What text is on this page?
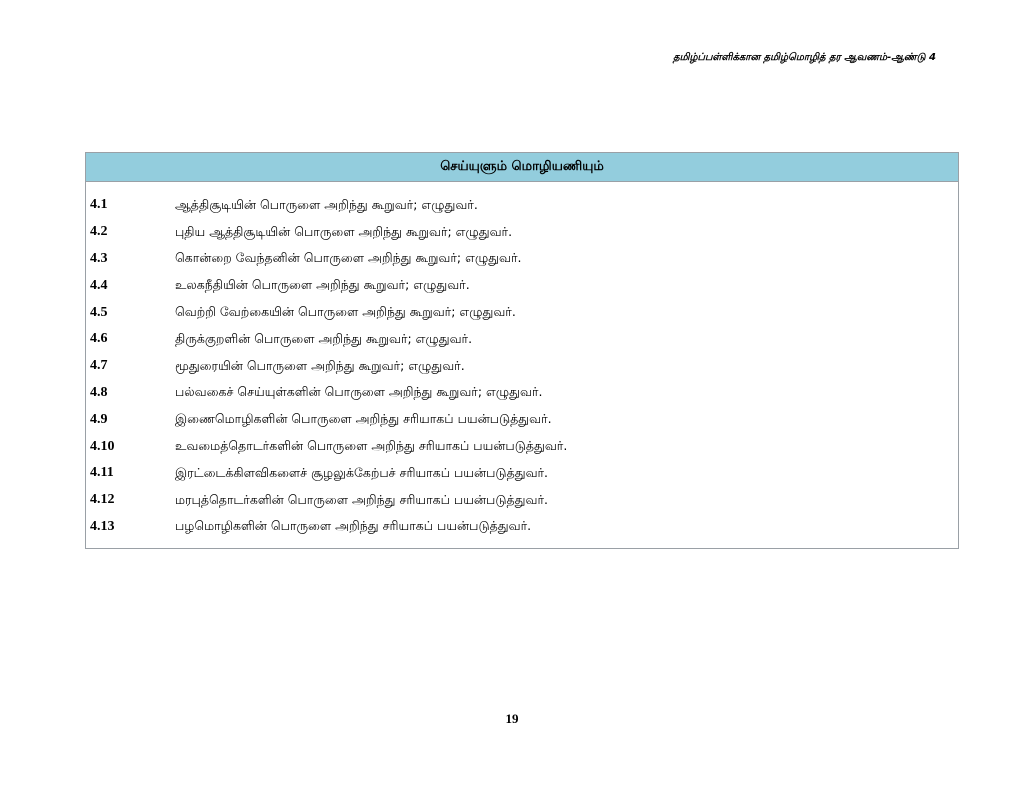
தமிழ்ப்பள்ளிக்கான தமிழ்மொழித் தர ஆவணம்-ஆண்டு 4
செய்யுளும் மொழியணியும்
4.1	ஆத்திசூடியின் பொருளை அறிந்து கூறுவர்; எழுதுவர்.
4.2	புதிய ஆத்திசூடியின் பொருளை அறிந்து கூறுவர்; எழுதுவர்.
4.3	கொன்றை வேந்தனின் பொருளை அறிந்து கூறுவர்; எழுதுவர்.
4.4	உலகநீதியின் பொருளை அறிந்து கூறுவர்; எழுதுவர்.
4.5	வெற்றி வேற்கையின் பொருளை அறிந்து கூறுவர்; எழுதுவர்.
4.6	திருக்குறளின் பொருளை அறிந்து கூறுவர்; எழுதுவர்.
4.7	மூதுரையின் பொருளை அறிந்து கூறுவர்; எழுதுவர்.
4.8	பல்வகைச் செய்யுள்களின் பொருளை அறிந்து கூறுவர்; எழுதுவர்.
4.9	இணைமொழிகளின் பொருளை அறிந்து சரியாகப் பயன்படுத்துவர்.
4.10	உவமைத்தொடர்களின் பொருளை அறிந்து சரியாகப் பயன்படுத்துவர்.
4.11	இரட்டைக்கிளவிகளைச் சூழலுக்கேற்பச் சரியாகப் பயன்படுத்துவர்.
4.12	மரபுத்தொடர்களின் பொருளை அறிந்து சரியாகப் பயன்படுத்துவர்.
4.13	பழமொழிகளின் பொருளை அறிந்து சரியாகப் பயன்படுத்துவர்.
19
